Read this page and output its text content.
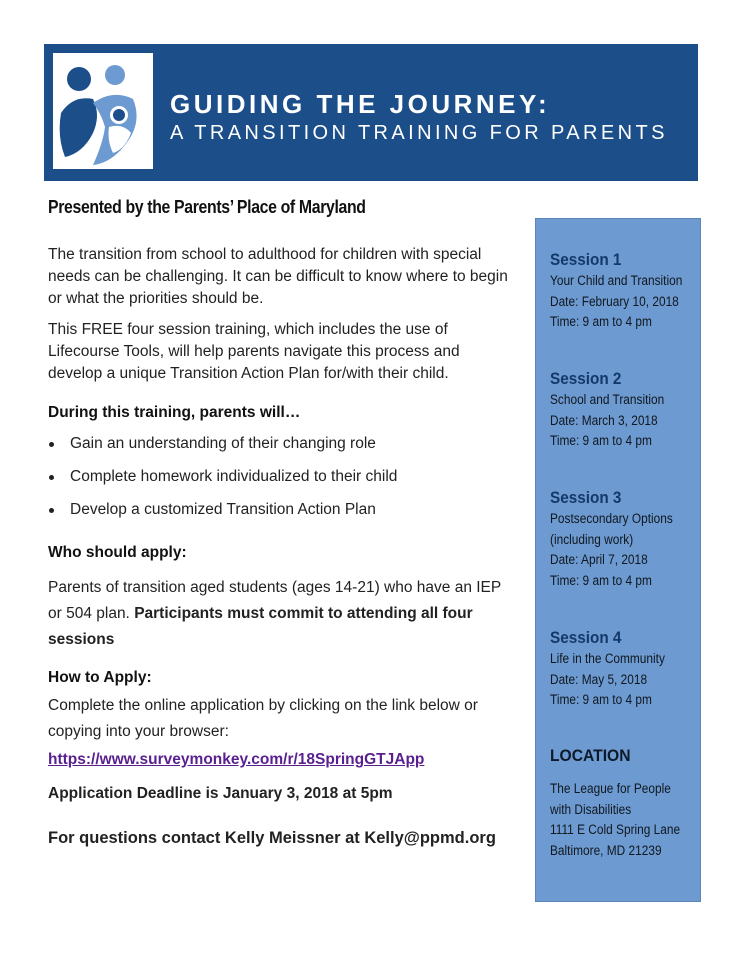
GUIDING THE JOURNEY:
A TRANSITION TRAINING FOR PARENTS
Presented by the Parents’ Place of Maryland

The transition from school to adulthood for children with special needs can be challenging. It can be difficult to know where to begin or what the priorities should be.

This FREE four session training, which includes the use of Lifecourse Tools, will help parents navigate this process and develop a unique Transition Action Plan for/with their child.

During this training, parents will…

Gain an understanding of their changing role
Complete homework individualized to their child
Develop a customized Transition Action Plan

Who should apply:

Parents of transition aged students (ages 14-21) who have an IEP or 504 plan. Participants must commit to attending all four sessions

How to Apply:

Complete the online application by clicking on the link below or copying into your browser:

https://www.surveymonkey.com/r/18SpringGTJApp

Application Deadline is January 3, 2018 at 5pm

For questions contact Kelly Meissner at Kelly@ppmd.org

Session 1
Your Child and Transition
Date: February 10, 2018
Time: 9 am to 4 pm
Session 2
School and Transition
Date: March 3, 2018
Time: 9 am to 4 pm
Session 3
Postsecondary Options
(including work)
Date: April 7, 2018
Time: 9 am to 4 pm
Session 4
Life in the Community
Date: May 5, 2018
Time: 9 am to 4 pm
LOCATION
The League for People
with Disabilities
1111 E Cold Spring Lane
Baltimore, MD 21239
